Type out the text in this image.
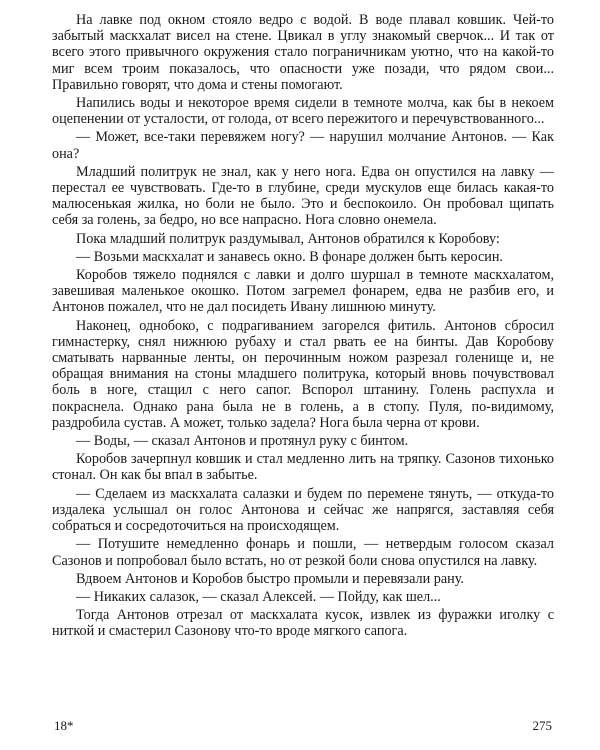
На лавке под окном стояло ведро с водой. В воде плавал ковшик. Чей-то забытый маскхалат висел на стене. Цвикал в углу знакомый сверчок... И так от всего этого привычного окружения стало пограничникам уютно, что на какой-то миг всем троим показалось, что опасности уже позади, что рядом свои... Правильно говорят, что дома и стены помогают.

Напились воды и некоторое время сидели в темноте молча, как бы в некоем оцепенении от усталости, от голода, от всего пережитого и перечувствованного...

— Может, все-таки перевяжем ногу? — нарушил молчание Антонов. — Как она?

Младший политрук не знал, как у него нога. Едва он опустился на лавку — перестал ее чувствовать. Где-то в глубине, среди мускулов еще билась какая-то малюсенькая жилка, но боли не было. Это и беспокоило. Он пробовал щипать себя за голень, за бедро, но все напрасно. Нога словно онемела.

Пока младший политрук раздумывал, Антонов обратился к Коробову:

— Возьми маскхалат и занавесь окно. В фонаре должен быть керосин.

Коробов тяжело поднялся с лавки и долго шуршал в темноте маскхалатом, завешивая маленькое окошко. Потом загремел фонарем, едва не разбив его, и Антонов пожалел, что не дал посидеть Ивану лишнюю минуту.

Наконец, однобоко, с подрагиванием загорелся фитиль. Антонов сбросил гимнастерку, снял нижнюю рубаху и стал рвать ее на бинты. Дав Коробову сматывать нарванные ленты, он перочинным ножом разрезал голенище и, не обращая внимания на стоны младшего политрука, который вновь почувствовал боль в ноге, стащил с него сапог. Вспорол штанину. Голень распухла и покраснела. Однако рана была не в голень, а в стопу. Пуля, по-видимому, раздробила сустав. А может, только задела? Нога была черна от крови.

— Воды, — сказал Антонов и протянул руку с бинтом.

Коробов зачерпнул ковшик и стал медленно лить на тряпку. Сазонов тихонько стонал. Он как бы впал в забытье.

— Сделаем из маскхалата салазки и будем по перемене тянуть, — откуда-то издалека услышал он голос Антонова и сейчас же напрягся, заставляя себя собраться и сосредоточиться на происходящем.

— Потушите немедленно фонарь и пошли, — нетвердым голосом сказал Сазонов и попробовал было встать, но от резкой боли снова опустился на лавку.

Вдвоем Антонов и Коробов быстро промыли и перевязали рану.

— Никаких салазок, — сказал Алексей. — Пойду, как шел...

Тогда Антонов отрезал от маскхалата кусок, извлек из фуражки иголку с ниткой и смастерил Сазонову что-то вроде мягкого сапога.

18*	275
